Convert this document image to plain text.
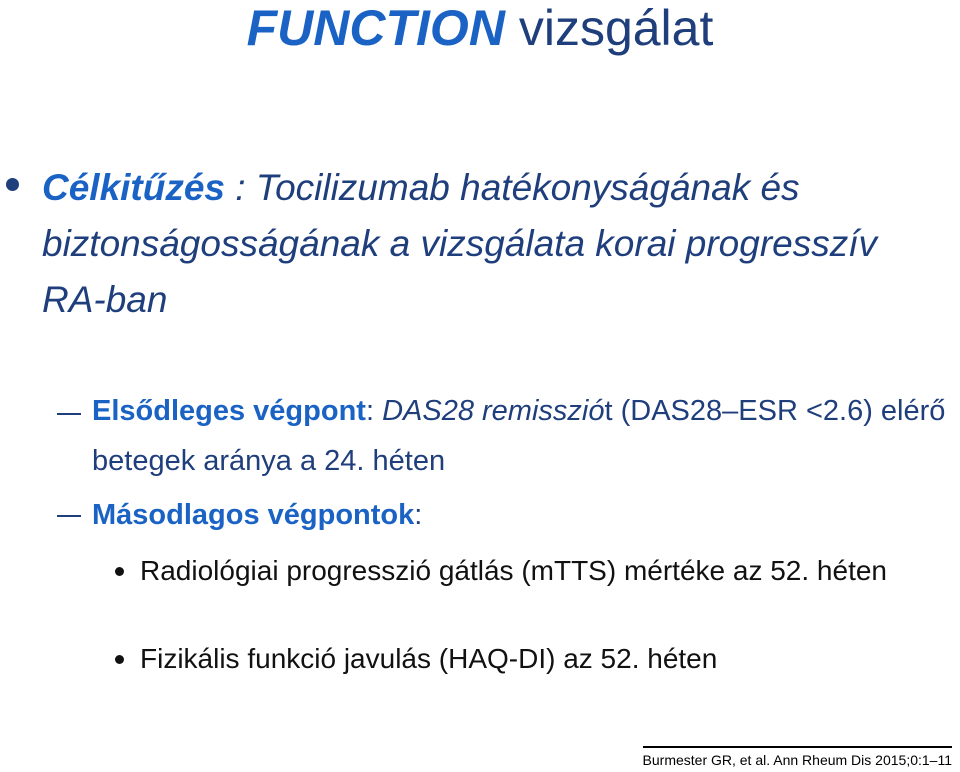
FUNCTION vizsgálat
Célkitűzés : Tocilizumab hatékonyságának és biztonságosságának a vizsgálata korai progresszív RA-ban
Elsődleges végpont: DAS28 remissziót (DAS28–ESR <2.6) elérő betegek aránya a 24. héten
Másodlagos végpontok:
Radiológiai progresszió gátlás (mTTS) mértéke az 52. héten
Fizikális funkció javulás (HAQ-DI) az 52. héten
Burmester GR, et al. Ann Rheum Dis 2015;0:1–11
